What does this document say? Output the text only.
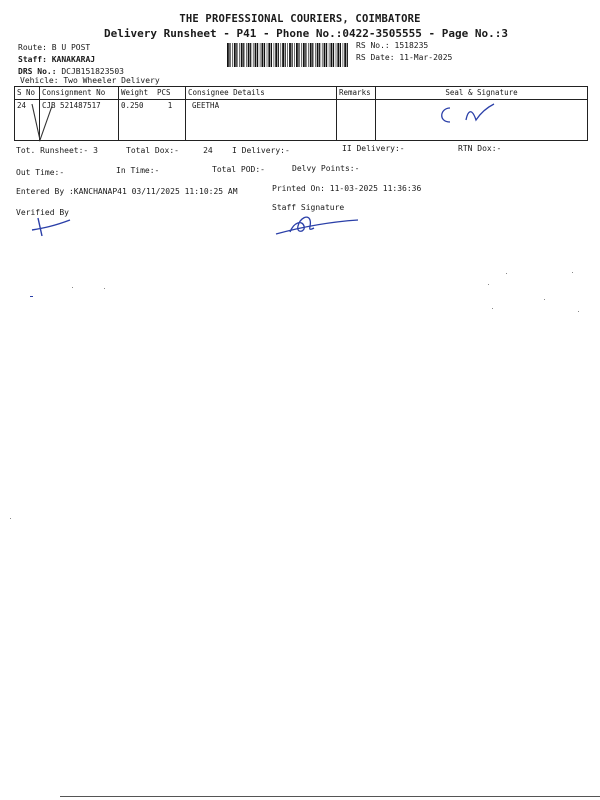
THE PROFESSIONAL COURIERS, COIMBATORE
Delivery Runsheet - P41 - Phone No.:0422-3505555 - Page No.:3
Route: B U POST
Staff: KANAKARAJ
DRS No.: DCJB151823503
Vehicle: Two Wheeler Delivery
RS No.: 1518235
RS Date: 11-Mar-2025
S No	Consignment No	Weight	PCS	Consignee Details	Remarks	Seal & Signature
24	CJB 521487517	0.250	1	GEETHA		
Tot. Runsheet:- 3	Total Dox:-	24 I Delivery:-	II Delivery:-	RTN Dox:-
Out Time:-	In Time:-	Total POD:-	Delvy Points:-
Entered By :KANCHANAP41 03/11/2025 11:10:25 AM	Printed On: 11-03-2025 11:36:36
Verified By
Staff Signature
